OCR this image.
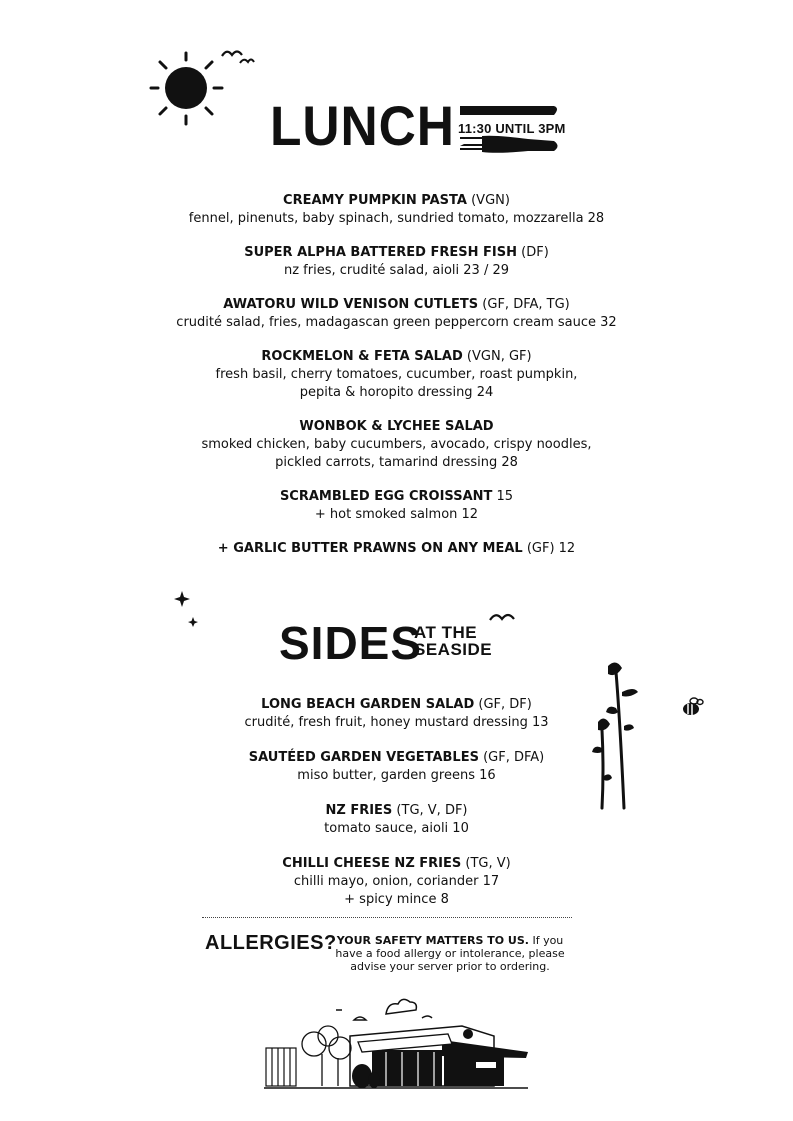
LUNCH 11:30 UNTIL 3PM
CREAMY PUMPKIN PASTA (VGN)
fennel, pinenuts, baby spinach, sundried tomato, mozzarella 28
SUPER ALPHA BATTERED FRESH FISH (DF)
nz fries, crudité salad, aioli 23 / 29
AWATORU WILD VENISON CUTLETS (GF, DFA, TG)
crudité salad, fries, madagascan green peppercorn cream sauce 32
ROCKMELON & FETA SALAD (VGN, GF)
fresh basil, cherry tomatoes, cucumber, roast pumpkin,
pepita & horopito dressing 24
WONBOK & LYCHEE SALAD
smoked chicken, baby cucumbers, avocado, crispy noodles,
pickled carrots, tamarind dressing 28
SCRAMBLED EGG CROISSANT 15
+ hot smoked salmon 12
+ GARLIC BUTTER PRAWNS ON ANY MEAL (GF) 12
SIDES
AT THE
SEASIDE
LONG BEACH GARDEN SALAD (GF, DF)
crudité, fresh fruit, honey mustard dressing 13
SAUTÉED GARDEN VEGETABLES (GF, DFA)
miso butter, garden greens 16
NZ FRIES (TG, V, DF)
tomato sauce, aioli 10
CHILLI CHEESE NZ FRIES (TG, V)
chilli mayo, onion, coriander 17
+ spicy mince 8
ALLERGIES? YOUR SAFETY MATTERS TO US. If you have a food allergy or intolerance, please advise your server prior to ordering.
